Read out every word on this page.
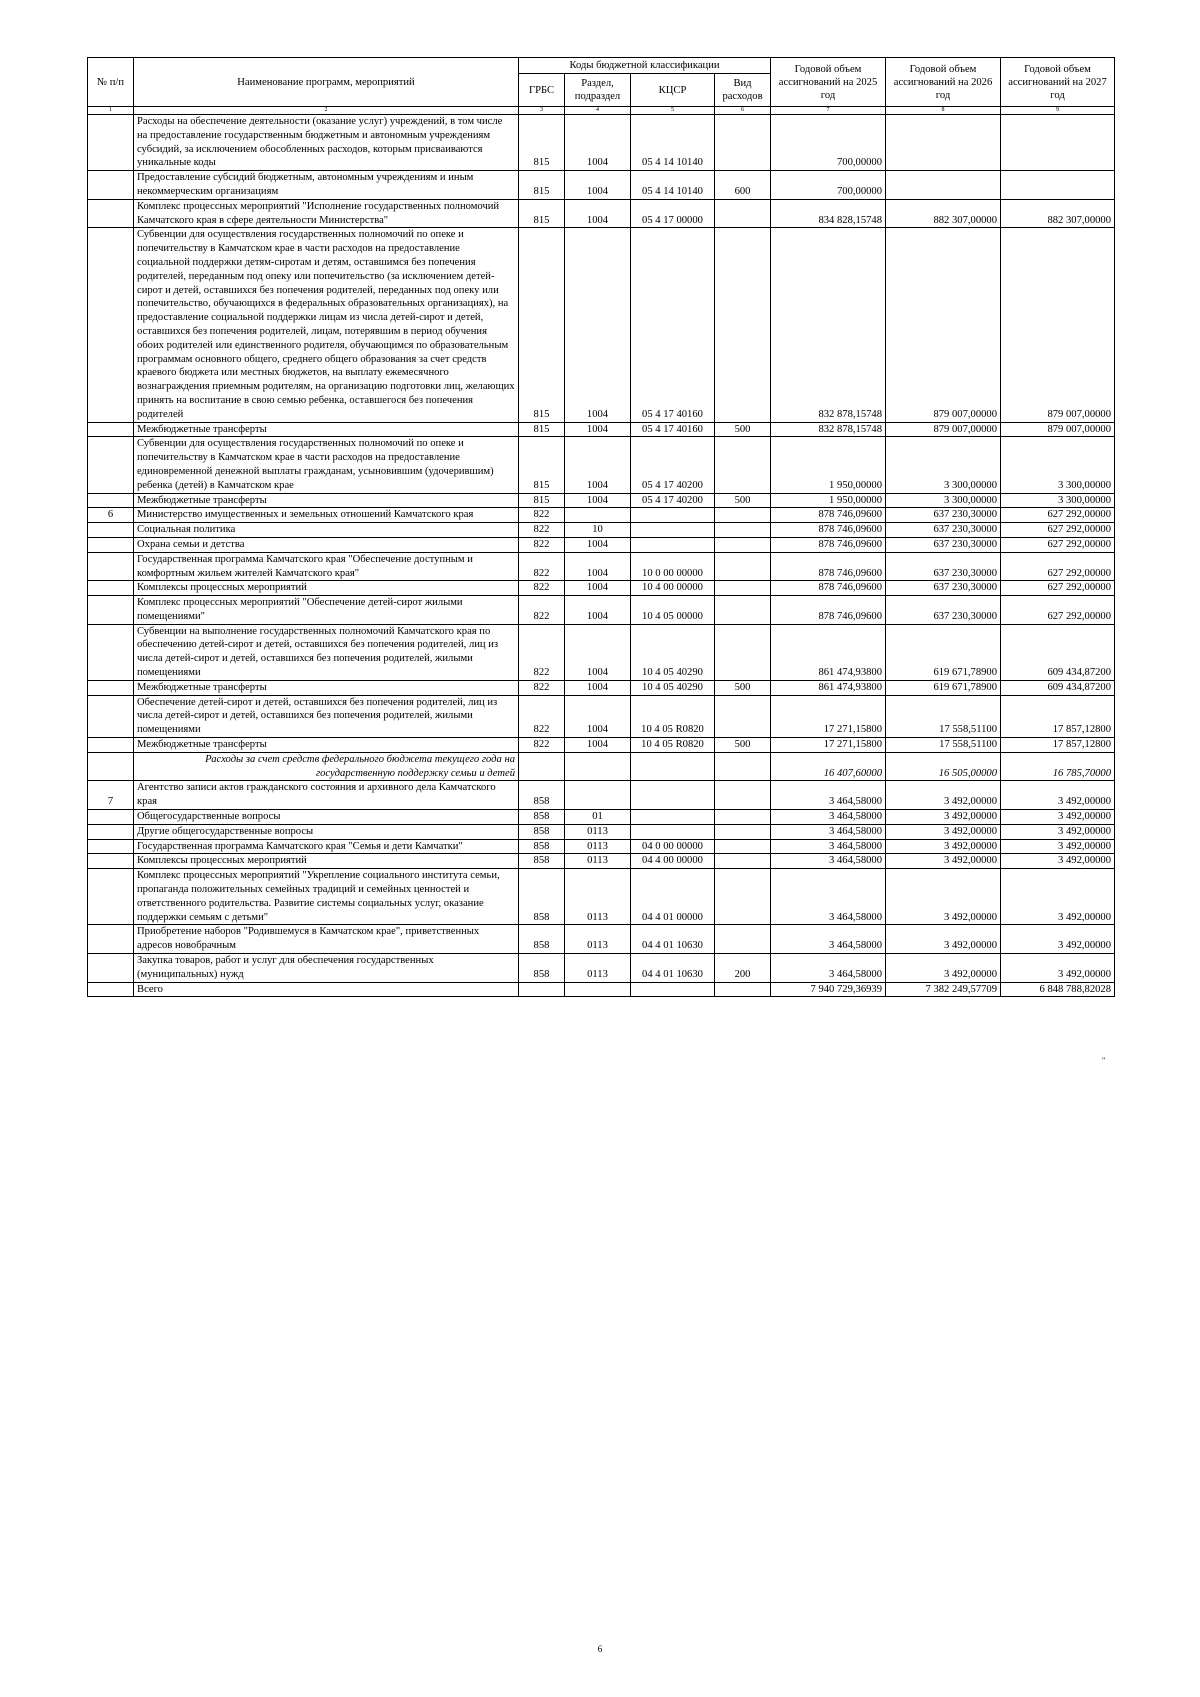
№ п/п	Наименование программ, мероприятий	Коды бюджетной классификации				Годовой объем ассигнований на 2025 год	Годовой объем ассигнований на 2026 год	Годовой объем ассигнований на 2027 год
		ГРБС	Раздел, подраздел	КЦСР	Вид расходов			
1	2	3	4	5	6	7	8	9
	Расходы на обеспечение деятельности (оказание услуг) учреждений, в том числе на предоставление государственным бюджетным и автономным учреждениям субсидий, за исключением обособленных расходов, которым присваиваются уникальные коды	815	1004	05 4 14 10140		700,00000		
	Предоставление субсидий бюджетным, автономным учреждениям и иным некоммерческим организациям	815	1004	05 4 14 10140	600	700,00000		
	Комплекс процессных мероприятий "Исполнение государственных полномочий Камчатского края в сфере деятельности Министерства"	815	1004	05 4 17 00000		834 828,15748	882 307,00000	882 307,00000
	Субвенции для осуществления государственных полномочий по опеке и попечительству в Камчатском крае в части расходов на предоставление социальной поддержки детям-сиротам и детям, оставшимся без попечения родителей, переданным под опеку или попечительство (за исключением детей-сирот и детей, оставшихся без попечения родителей, переданных под опеку или попечительство, обучающихся в федеральных образовательных организациях), на предоставление социальной поддержки лицам из числа детей-сирот и детей, оставшихся без попечения родителей, лицам, потерявшим в период обучения обоих родителей или единственного родителя, обучающимся по образовательным программам основного общего, среднего общего образования за счет средств краевого бюджета или местных бюджетов, на выплату ежемесячного вознаграждения приемным родителям, на организацию подготовки лиц, желающих принять на воспитание в свою семью ребенка, оставшегося без попечения родителей	815	1004	05 4 17 40160		832 878,15748	879 007,00000	879 007,00000
	Межбюджетные трансферты	815	1004	05 4 17 40160	500	832 878,15748	879 007,00000	879 007,00000
	Субвенции для осуществления государственных полномочий по опеке и попечительству в Камчатском крае в части расходов на предоставление единовременной денежной выплаты гражданам, усыновившим (удочерившим) ребенка (детей) в Камчатском крае	815	1004	05 4 17 40200		1 950,00000	3 300,00000	3 300,00000
	Межбюджетные трансферты	815	1004	05 4 17 40200	500	1 950,00000	3 300,00000	3 300,00000
6	Министерство имущественных и земельных отношений Камчатского края	822				878 746,09600	637 230,30000	627 292,00000
	Социальная политика	822	10			878 746,09600	637 230,30000	627 292,00000
	Охрана семьи и детства	822	1004			878 746,09600	637 230,30000	627 292,00000
	Государственная программа Камчатского края "Обеспечение доступным и комфортным жильем жителей Камчатского края"	822	1004	10 0 00 00000		878 746,09600	637 230,30000	627 292,00000
	Комплексы процессных мероприятий	822	1004	10 4 00 00000		878 746,09600	637 230,30000	627 292,00000
	Комплекс процессных мероприятий "Обеспечение детей-сирот жилыми помещениями"	822	1004	10 4 05 00000		878 746,09600	637 230,30000	627 292,00000
	Субвенции на выполнение государственных полномочий Камчатского края по обеспечению детей-сирот и детей, оставшихся без попечения родителей, лиц из числа детей-сирот и детей, оставшихся без попечения родителей, жилыми помещениями	822	1004	10 4 05 40290		861 474,93800	619 671,78900	609 434,87200
	Межбюджетные трансферты	822	1004	10 4 05 40290	500	861 474,93800	619 671,78900	609 434,87200
	Обеспечение детей-сирот и детей, оставшихся без попечения родителей, лиц из числа детей-сирот и детей, оставшихся без попечения родителей, жилыми помещениями	822	1004	10 4 05 R0820		17 271,15800	17 558,51100	17 857,12800
	Межбюджетные трансферты	822	1004	10 4 05 R0820	500	17 271,15800	17 558,51100	17 857,12800
	Расходы за счет средств федерального бюджета текущего года на государственную поддержку семьи и детей					16 407,60000	16 505,00000	16 785,70000
7	Агентство записи актов гражданского состояния и архивного дела Камчатского края	858				3 464,58000	3 492,00000	3 492,00000
	Общегосударственные вопросы	858	01			3 464,58000	3 492,00000	3 492,00000
	Другие общегосударственные вопросы	858	0113			3 464,58000	3 492,00000	3 492,00000
	Государственная программа Камчатского края "Семья и дети Камчатки"	858	0113	04 0 00 00000		3 464,58000	3 492,00000	3 492,00000
	Комплексы процессных мероприятий	858	0113	04 4 00 00000		3 464,58000	3 492,00000	3 492,00000
	Комплекс процессных мероприятий "Укрепление социального института семьи, пропаганда положительных семейных традиций и семейных ценностей и ответственного родительства. Развитие системы социальных услуг, оказание поддержки семьям с детьми"	858	0113	04 4 01 00000		3 464,58000	3 492,00000	3 492,00000
	Приобретение наборов "Родившемуся в Камчатском крае", приветственных адресов новобрачным	858	0113	04 4 01 10630		3 464,58000	3 492,00000	3 492,00000
	Закупка товаров, работ и услуг для обеспечения государственных (муниципальных) нужд	858	0113	04 4 01 10630	200	3 464,58000	3 492,00000	3 492,00000
	Всего					7 940 729,36939	7 382 249,57709	6 848 788,82028
"
6
